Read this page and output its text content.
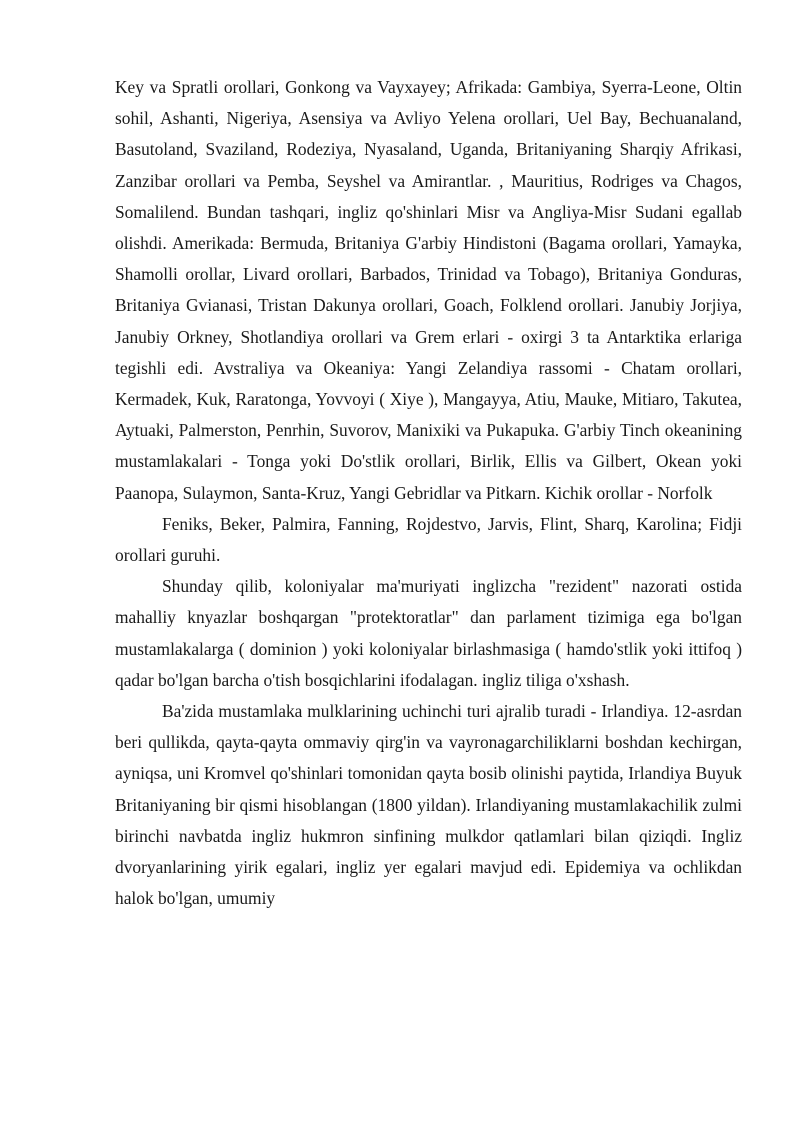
Key va Spratli orollari, Gonkong va Vayxayey; Afrikada: Gambiya, Syerra-Leone, Oltin sohil, Ashanti, Nigeriya, Asensiya va Avliyo Yelena orollari, Uel Bay, Bechuanaland, Basutoland, Svaziland, Rodeziya, Nyasaland, Uganda, Britaniyaning Sharqiy Afrikasi, Zanzibar orollari va Pemba, Seyshel va Amirantlar. , Mauritius, Rodriges va Chagos, Somalilend. Bundan tashqari, ingliz qo'shinlari Misr va Angliya-Misr Sudani egallab olishdi. Amerikada: Bermuda, Britaniya G'arbiy Hindistoni (Bagama orollari, Yamayka, Shamolli orollar, Livard orollari, Barbados, Trinidad va Tobago), Britaniya Gonduras, Britaniya Gvianasi, Tristan Dakunya orollari, Goach, Folklend orollari. Janubiy Jorjiya, Janubiy Orkney, Shotlandiya orollari va Grem erlari - oxirgi 3 ta Antarktika erlariga tegishli edi. Avstraliya va Okeaniya: Yangi Zelandiya rassomi - Chatam orollari, Kermadek, Kuk, Raratonga, Yovvoyi ( Xiye ), Mangayya, Atiu, Mauke, Mitiaro, Takutea, Aytuaki, Palmerston, Penrhin, Suvorov, Manixiki va Pukapuka. G'arbiy Tinch okeanining mustamlakalari - Tonga yoki Do'stlik orollari, Birlik, Ellis va Gilbert, Okean yoki Paanopa, Sulaymon, Santa-Kruz, Yangi Gebridlar va Pitkarn. Kichik orollar - Norfolk

Feniks, Beker, Palmira, Fanning, Rojdestvo, Jarvis, Flint, Sharq, Karolina; Fidji orollari guruhi.

Shunday qilib, koloniyalar ma'muriyati inglizcha "rezident" nazorati ostida mahalliy knyazlar boshqargan "protektoratlar" dan parlament tizimiga ega bo'lgan mustamlakalarga ( dominion ) yoki koloniyalar birlashmasiga ( hamdo'stlik yoki ittifoq ) qadar bo'lgan barcha o'tish bosqichlarini ifodalagan. ingliz tiliga o'xshash.

Ba'zida mustamlaka mulklarining uchinchi turi ajralib turadi - Irlandiya. 12-asrdan beri qullikda, qayta-qayta ommaviy qirg'in va vayronagarchiliklarni boshdan kechirgan, ayniqsa, uni Kromvel qo'shinlari tomonidan qayta bosib olinishi paytida, Irlandiya Buyuk Britaniyaning bir qismi hisoblangan (1800 yildan). Irlandiyaning mustamlakachilik zulmi birinchi navbatda ingliz hukmron sinfining mulkdor qatlamlari bilan qiziqdi. Ingliz dvoryanlarining yirik egalari, ingliz yer egalari mavjud edi. Epidemiya va ochlikdan halok bo'lgan, umumiy
